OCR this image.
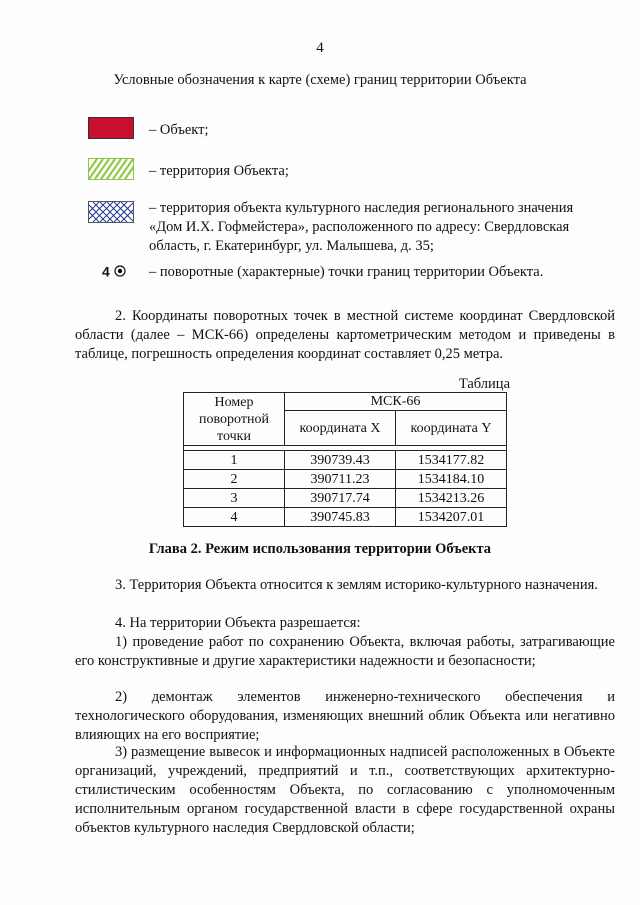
4
Условные обозначения к карте (схеме) границ территории Объекта
– Объект;
– территория Объекта;
– территория объекта культурного наследия регионального значения «Дом И.Х. Гофмейстера», расположенного по адресу: Свердловская область, г. Екатеринбург, ул. Малышева, д. 35;
4	– поворотные (характерные) точки границ территории Объекта.
2. Координаты поворотных точек в местной системе координат Свердловской области (далее – МСК-66) определены картометрическим методом и приведены в таблице, погрешность определения координат составляет 0,25 метра.
Таблица
Номер поворотной точки	МСК-66	
	координата X	координата Y

1	390739.43	1534177.82
2	390711.23	1534184.10
3	390717.74	1534213.26
4	390745.83	1534207.01
Глава 2. Режим использования территории Объекта
3. Территория Объекта относится к землям историко-культурного назначения.
4. На территории Объекта разрешается:
1) проведение работ по сохранению Объекта, включая работы, затрагивающие его конструктивные и другие характеристики надежности и безопасности;
2) демонтаж элементов инженерно-технического обеспечения и технологического оборудования, изменяющих внешний облик Объекта или негативно влияющих на его восприятие;
3) размещение вывесок и информационных надписей расположенных в Объекте организаций, учреждений, предприятий и т.п., соответствующих архитектурно-стилистическим особенностям Объекта, по согласованию с уполномоченным исполнительным органом государственной власти в сфере государственной охраны объектов культурного наследия Свердловской области;
